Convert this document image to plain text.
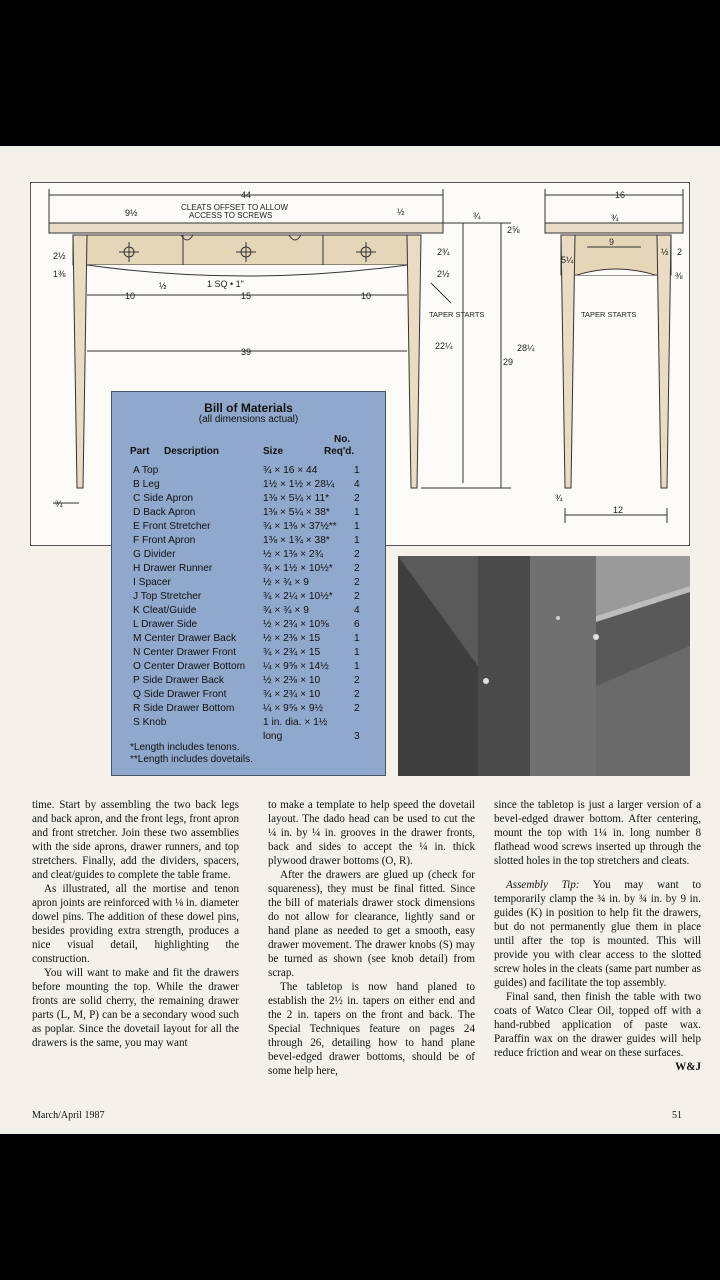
44
9½
CLEATS OFFSET TO ALLOW
ACCESS TO SCREWS	½	¾
2½	2¾
2½
2⅝
1⅜
½	1 SQ • 1"
10	15	10
TAPER STARTS
22¼
39	28¼
29
¾
16
¾
9
5¼
½ 2
⅜
TAPER STARTS
12
¾
Bill of Materials
(all dimensions actual)
Part Description	Size
No.
Req'd.
A Top	¾ × 16 × 44	1
B Leg	1½ × 1½ × 28¼ 4
C Side Apron	1⅜ × 5¼ × 11* 2
D Back Apron	1⅜ × 5¼ × 38* 1
E Front Stretcher	¾ × 1⅜ × 37½** 1
F Front Apron	1⅜ × 1¾ × 38* 1
G Divider	½ × 1⅜ × 2¾	2
H Drawer Runner	¾ × 1½ × 10½* 2
I Spacer	½ × ¾ × 9	2
J Top Stretcher	¾ × 2¼ × 10½* 2
K Cleat/Guide	¾ × ¾ × 9	4
L Drawer Side	½ × 2¾ × 10⅝ 6
M Center Drawer Back	½ × 2⅜ × 15	1
N Center Drawer Front	¾ × 2¾ × 15	1
O Center Drawer Bottom ¼ × 9⅝ × 14½ 1
P Side Drawer Back	½ × 2⅜ × 10	2
Q Side Drawer Front	¾ × 2¾ × 10	2
R Side Drawer Bottom	¼ × 9⅝ × 9½	2
S Knob	1 in. dia. × 1½
long	3
*Length includes tenons.
**Length includes dovetails.

time. Start by assembling the two back legs and back apron, and the front legs, front apron and front stretcher. Join these two assemblies with the side aprons, drawer runners, and top stretchers. Finally, add the dividers, spacers, and cleat/guides to complete the table frame.

As illustrated, all the mortise and tenon apron joints are reinforced with ⅛ in. diameter dowel pins. The addition of these dowel pins, besides providing extra strength, produces a nice visual detail, highlighting the construction.

You will want to make and fit the drawers before mounting the top. While the drawer fronts are solid cherry, the remaining drawer parts (L, M, P) can be a secondary wood such as poplar. Since the dovetail layout for all the drawers is the same, you may want

to make a template to help speed the dovetail layout. The dado head can be used to cut the ¼ in. by ¼ in. grooves in the drawer fronts, back and sides to accept the ¼ in. thick plywood drawer bottoms (O, R).

After the drawers are glued up (check for squareness), they must be final fitted. Since the bill of materials drawer stock dimensions do not allow for clearance, lightly sand or hand plane as needed to get a smooth, easy drawer movement. The drawer knobs (S) may be turned as shown (see knob detail) from scrap.

The tabletop is now hand planed to establish the 2½ in. tapers on either end and the 2 in. tapers on the front and back. The Special Techniques feature on pages 24 through 26, detailing how to hand plane bevel-edged drawer bottoms, should be of some help here,

since the tabletop is just a larger version of a bevel-edged drawer bottom. After centering, mount the top with 1¼ in. long number 8 flathead wood screws inserted up through the slotted holes in the top stretchers and cleats.

Assembly Tip: You may want to temporarily clamp the ¾ in. by ¾ in. by 9 in. guides (K) in position to help fit the drawers, but do not permanently glue them in place until after the top is mounted. This will provide you with clear access to the slotted screw holes in the cleats (same part number as guides) and facilitate the top assembly.

Final sand, then finish the table with two coats of Watco Clear Oil, topped off with a hand-rubbed application of paste wax. Paraffin wax on the drawer guides will help reduce friction and wear on these surfaces.
W&J

March/April 1987	51
